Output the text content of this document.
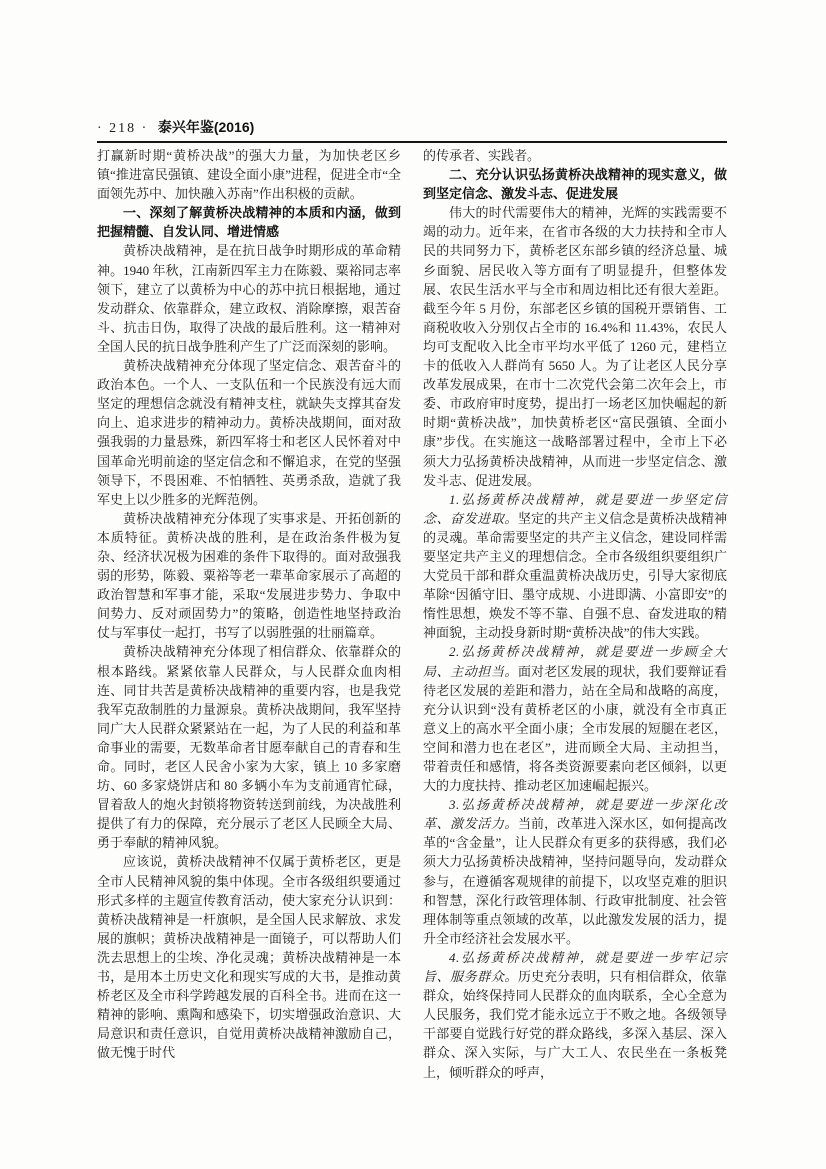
· 218 · 泰兴年鉴(2016)

打赢新时期“黄桥决战”的强大力量，为加快老区乡镇“推进富民强镇、建设全面小康”进程，促进全市“全面领先苏中、加快融入苏南”作出积极的贡献。

一、深刻了解黄桥决战精神的本质和内涵，做到把握精髓、自发认同、增进情感

黄桥决战精神，是在抗日战争时期形成的革命精神。1940 年秋，江南新四军主力在陈毅、粟裕同志率领下，建立了以黄桥为中心的苏中抗日根据地，通过发动群众、依靠群众，建立政权、消除摩擦，艰苦奋斗、抗击日伪，取得了决战的最后胜利。这一精神对全国人民的抗日战争胜利产生了广泛而深刻的影响。

黄桥决战精神充分体现了坚定信念、艰苦奋斗的政治本色。一个人、一支队伍和一个民族没有远大而坚定的理想信念就没有精神支柱，就缺失支撑其奋发向上、追求进步的精神动力。黄桥决战期间，面对敌强我弱的力量悬殊，新四军将士和老区人民怀着对中国革命光明前途的坚定信念和不懈追求，在党的坚强领导下，不畏困难、不怕牺牲、英勇杀敌，造就了我军史上以少胜多的光辉范例。

黄桥决战精神充分体现了实事求是、开拓创新的本质特征。黄桥决战的胜利，是在政治条件极为复杂、经济状况极为困难的条件下取得的。面对敌强我弱的形势，陈毅、粟裕等老一辈革命家展示了高超的政治智慧和军事才能，采取“发展进步势力、争取中间势力、反对顽固势力”的策略，创造性地坚持政治仗与军事仗一起打，书写了以弱胜强的壮丽篇章。

黄桥决战精神充分体现了相信群众、依靠群众的根本路线。紧紧依靠人民群众，与人民群众血肉相连、同甘共苦是黄桥决战精神的重要内容，也是我党我军克敌制胜的力量源泉。黄桥决战期间，我军坚持同广大人民群众紧紧站在一起，为了人民的利益和革命事业的需要，无数革命者甘愿奉献自己的青春和生命。同时，老区人民舍小家为大家，镇上 10 多家磨坊、60 多家烧饼店和 80 多辆小车为支前通宵忙碌，冒着敌人的炮火封锁将物资转送到前线，为决战胜利提供了有力的保障，充分展示了老区人民顾全大局、勇于奉献的精神风貌。

应该说，黄桥决战精神不仅属于黄桥老区，更是全市人民精神风貌的集中体现。全市各级组织要通过形式多样的主题宣传教育活动，使大家充分认识到：黄桥决战精神是一杆旗帜，是全国人民求解放、求发展的旗帜；黄桥决战精神是一面镜子，可以帮助人们洗去思想上的尘埃、净化灵魂；黄桥决战精神是一本书，是用本土历史文化和现实写成的大书，是推动黄桥老区及全市科学跨越发展的百科全书。进而在这一精神的影响、熏陶和感染下，切实增强政治意识、大局意识和责任意识，自觉用黄桥决战精神激励自己，做无愧于时代

的传承者、实践者。

二、充分认识弘扬黄桥决战精神的现实意义，做到坚定信念、激发斗志、促进发展

伟大的时代需要伟大的精神，光辉的实践需要不竭的动力。近年来，在省市各级的大力扶持和全市人民的共同努力下，黄桥老区东部乡镇的经济总量、城乡面貌、居民收入等方面有了明显提升，但整体发展、农民生活水平与全市和周边相比还有很大差距。截至今年 5 月份，东部老区乡镇的国税开票销售、工商税收收入分别仅占全市的 16.4%和 11.43%，农民人均可支配收入比全市平均水平低了 1260 元，建档立卡的低收入人群尚有 5650 人。为了让老区人民分享改革发展成果，在市十二次党代会第二次年会上，市委、市政府审时度势，提出打一场老区加快崛起的新时期“黄桥决战”，加快黄桥老区“富民强镇、全面小康”步伐。在实施这一战略部署过程中，全市上下必须大力弘扬黄桥决战精神，从而进一步坚定信念、激发斗志、促进发展。

1.弘扬黄桥决战精神，就是要进一步坚定信念、奋发进取。坚定的共产主义信念是黄桥决战精神的灵魂。革命需要坚定的共产主义信念，建设同样需要坚定共产主义的理想信念。全市各级组织要组织广大党员干部和群众重温黄桥决战历史，引导大家彻底革除“因循守旧、墨守成规、小进即满、小富即安”的惰性思想，焕发不等不靠、自强不息、奋发进取的精神面貌，主动投身新时期“黄桥决战”的伟大实践。

2.弘扬黄桥决战精神，就是要进一步顾全大局、主动担当。面对老区发展的现状，我们要辩证看待老区发展的差距和潜力，站在全局和战略的高度，充分认识到“没有黄桥老区的小康，就没有全市真正意义上的高水平全面小康；全市发展的短腿在老区，空间和潜力也在老区”，进而顾全大局、主动担当，带着责任和感情，将各类资源要素向老区倾斜，以更大的力度扶持、推动老区加速崛起振兴。

3.弘扬黄桥决战精神，就是要进一步深化改革、激发活力。当前，改革进入深水区，如何提高改革的“含金量”，让人民群众有更多的获得感，我们必须大力弘扬黄桥决战精神，坚持问题导向，发动群众参与，在遵循客观规律的前提下，以攻坚克难的胆识和智慧，深化行政管理体制、行政审批制度、社会管理体制等重点领域的改革，以此激发发展的活力，提升全市经济社会发展水平。

4.弘扬黄桥决战精神，就是要进一步牢记宗旨、服务群众。历史充分表明，只有相信群众，依靠群众，始终保持同人民群众的血肉联系，全心全意为人民服务，我们党才能永远立于不败之地。各级领导干部要自觉践行好党的群众路线，多深入基层、深入群众、深入实际，与广大工人、农民坐在一条板凳上，倾听群众的呼声，
